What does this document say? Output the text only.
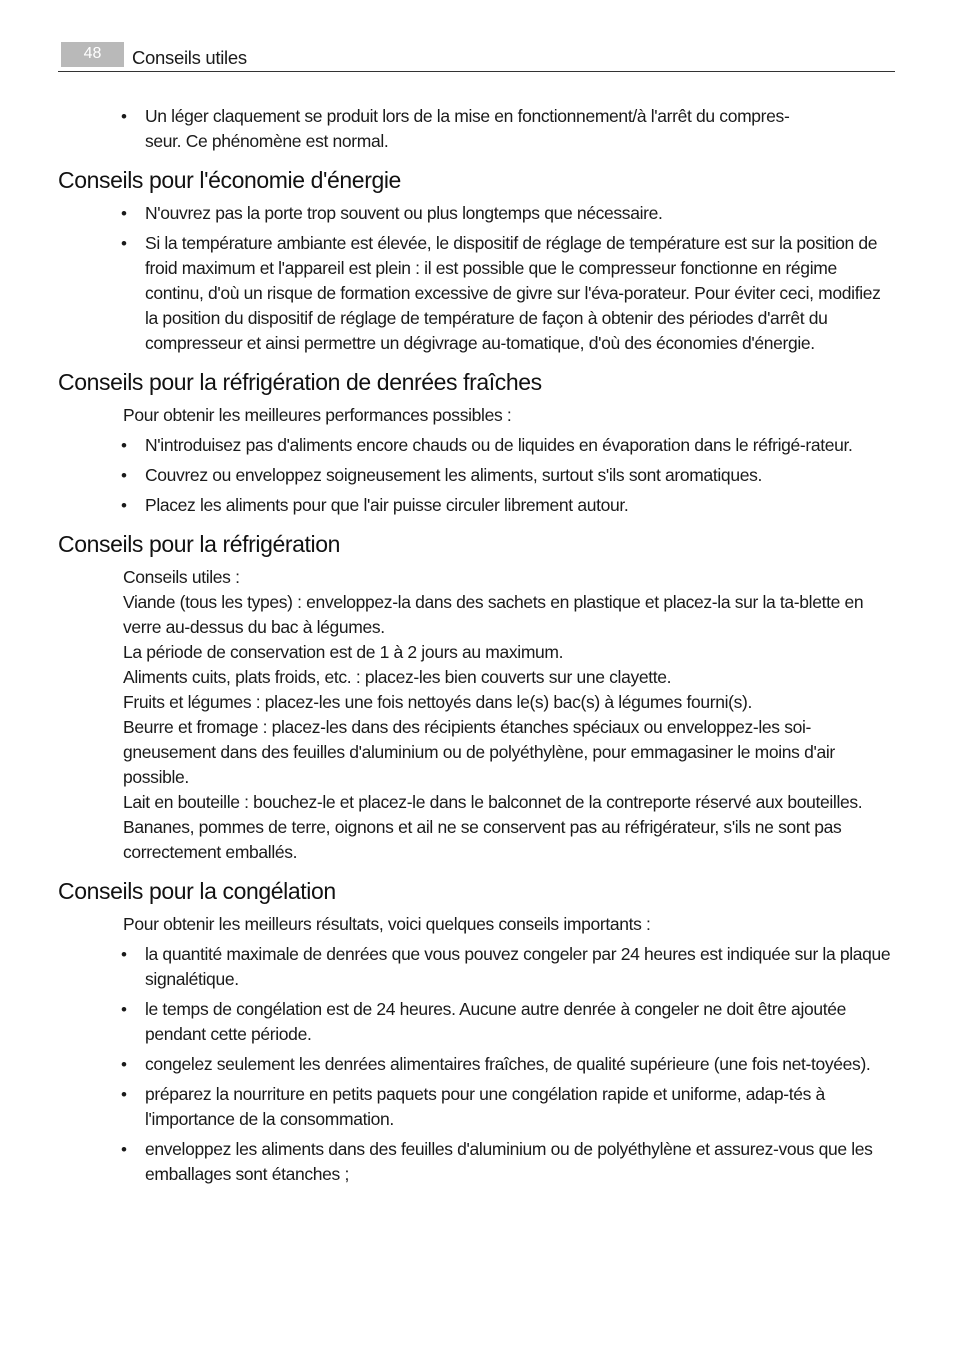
48	Conseils utiles
• Un léger claquement se produit lors de la mise en fonctionnement/à l'arrêt du compres-
seur. Ce phénomène est normal.
Conseils pour l'économie d'énergie
• N'ouvrez pas la porte trop souvent ou plus longtemps que nécessaire.
• Si la température ambiante est élevée, le dispositif de réglage de température est sur la position de froid maximum et l'appareil est plein : il est possible que le compresseur fonctionne en régime continu, d'où un risque de formation excessive de givre sur l'éva-porateur. Pour éviter ceci, modifiez la position du dispositif de réglage de température de façon à obtenir des périodes d'arrêt du compresseur et ainsi permettre un dégivrage au-tomatique, d'où des économies d'énergie.
Conseils pour la réfrigération de denrées fraîches
Pour obtenir les meilleures performances possibles :
• N'introduisez pas d'aliments encore chauds ou de liquides en évaporation dans le réfrigé-rateur.
• Couvrez ou enveloppez soigneusement les aliments, surtout s'ils sont aromatiques.
• Placez les aliments pour que l'air puisse circuler librement autour.
Conseils pour la réfrigération
Conseils utiles :
Viande (tous les types) : enveloppez-la dans des sachets en plastique et placez-la sur la ta-blette en verre au-dessus du bac à légumes.
La période de conservation est de 1 à 2 jours au maximum.
Aliments cuits, plats froids, etc. : placez-les bien couverts sur une clayette.
Fruits et légumes : placez-les une fois nettoyés dans le(s) bac(s) à légumes fourni(s).
Beurre et fromage : placez-les dans des récipients étanches spéciaux ou enveloppez-les soi-gneusement dans des feuilles d'aluminium ou de polyéthylène, pour emmagasiner le moins d'air possible.
Lait en bouteille : bouchez-le et placez-le dans le balconnet de la contreporte réservé aux bouteilles.
Bananes, pommes de terre, oignons et ail ne se conservent pas au réfrigérateur, s'ils ne sont pas correctement emballés.
Conseils pour la congélation
Pour obtenir les meilleurs résultats, voici quelques conseils importants :
• la quantité maximale de denrées que vous pouvez congeler par 24 heures est indiquée sur la plaque signalétique.
• le temps de congélation est de 24 heures. Aucune autre denrée à congeler ne doit être ajoutée pendant cette période.
• congelez seulement les denrées alimentaires fraîches, de qualité supérieure (une fois net-toyées).
• préparez la nourriture en petits paquets pour une congélation rapide et uniforme, adap-tés à l'importance de la consommation.
• enveloppez les aliments dans des feuilles d'aluminium ou de polyéthylène et assurez-vous que les emballages sont étanches ;
